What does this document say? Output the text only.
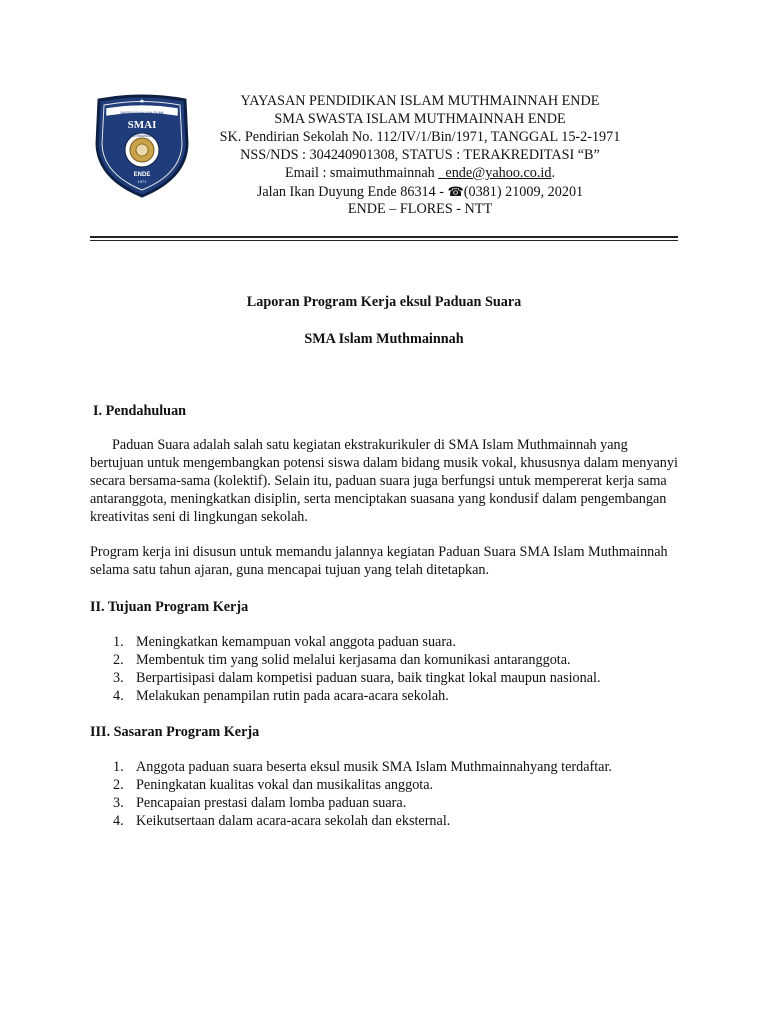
★
MADRASAH ALIYAH ISLAM
SMAI
MUTHMAINNAH
ENDE
1971
YAYASAN PENDIDIKAN ISLAM MUTHMAINNAH ENDE
SMA SWASTA ISLAM MUTHMAINNAH ENDE
SK. Pendirian Sekolah No. 112/IV/1/Bin/1971, TANGGAL 15-2-1971
NSS/NDS : 304240901308, STATUS : TERAKREDITASI “B”
Email : smaimuthmainnah _ende@yahoo.co.id.
Jalan Ikan Duyung Ende 86314 - ☎(0381) 21009, 20201
ENDE – FLORES - NTT
Laporan Program Kerja eksul Paduan Suara
SMA Islam Muthmainnah
I. Pendahuluan

Paduan Suara adalah salah satu kegiatan ekstrakurikuler di SMA Islam Muthmainnah yang bertujuan untuk mengembangkan potensi siswa dalam bidang musik vokal, khususnya dalam menyanyi secara bersama-sama (kolektif). Selain itu, paduan suara juga berfungsi untuk mempererat kerja sama antaranggota, meningkatkan disiplin, serta menciptakan suasana yang kondusif dalam pengembangan kreativitas seni di lingkungan sekolah.

Program kerja ini disusun untuk memandu jalannya kegiatan Paduan Suara SMA Islam Muthmainnah selama satu tahun ajaran, guna mencapai tujuan yang telah ditetapkan.

II. Tujuan Program Kerja
1. Meningkatkan kemampuan vokal anggota paduan suara.
2. Membentuk tim yang solid melalui kerjasama dan komunikasi antaranggota.
3. Berpartisipasi dalam kompetisi paduan suara, baik tingkat lokal maupun nasional.
4. Melakukan penampilan rutin pada acara-acara sekolah.
III. Sasaran Program Kerja
1. Anggota paduan suara beserta eksul musik SMA Islam Muthmainnahyang terdaftar.
2. Peningkatan kualitas vokal dan musikalitas anggota.
3. Pencapaian prestasi dalam lomba paduan suara.
4. Keikutsertaan dalam acara-acara sekolah dan eksternal.
